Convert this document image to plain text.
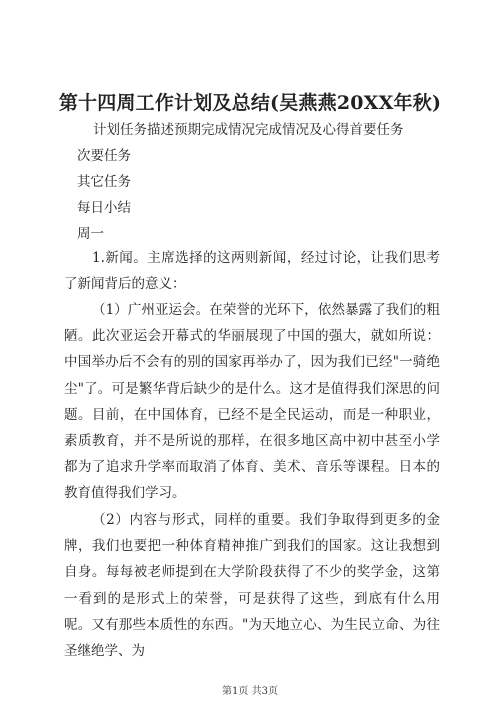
第十四周工作计划及总结(吴燕燕20XX年秋)
计划任务描述预期完成情况完成情况及心得首要任务
次要任务
其它任务
每日小结
周一

1.新闻。主席选择的这两则新闻，经过讨论，让我们思考了新闻背后的意义：

（1）广州亚运会。在荣誉的光环下，依然暴露了我们的粗陋。此次亚运会开幕式的华丽展现了中国的强大，就如所说：中国举办后不会有的别的国家再举办了，因为我们已经"一骑绝尘"了。可是繁华背后缺少的是什么。这才是值得我们深思的问题。目前，在中国体育，已经不是全民运动，而是一种职业，素质教育，并不是所说的那样，在很多地区高中初中甚至小学都为了追求升学率而取消了体育、美术、音乐等课程。日本的教育值得我们学习。

（2）内容与形式，同样的重要。我们争取得到更多的金牌，我们也要把一种体育精神推广到我们的国家。这让我想到自身。每每被老师提到在大学阶段获得了不少的奖学金，这第一看到的是形式上的荣誉，可是获得了这些，到底有什么用呢。又有那些本质性的东西。"为天地立心、为生民立命、为往圣继绝学、为

第1页 共3页
